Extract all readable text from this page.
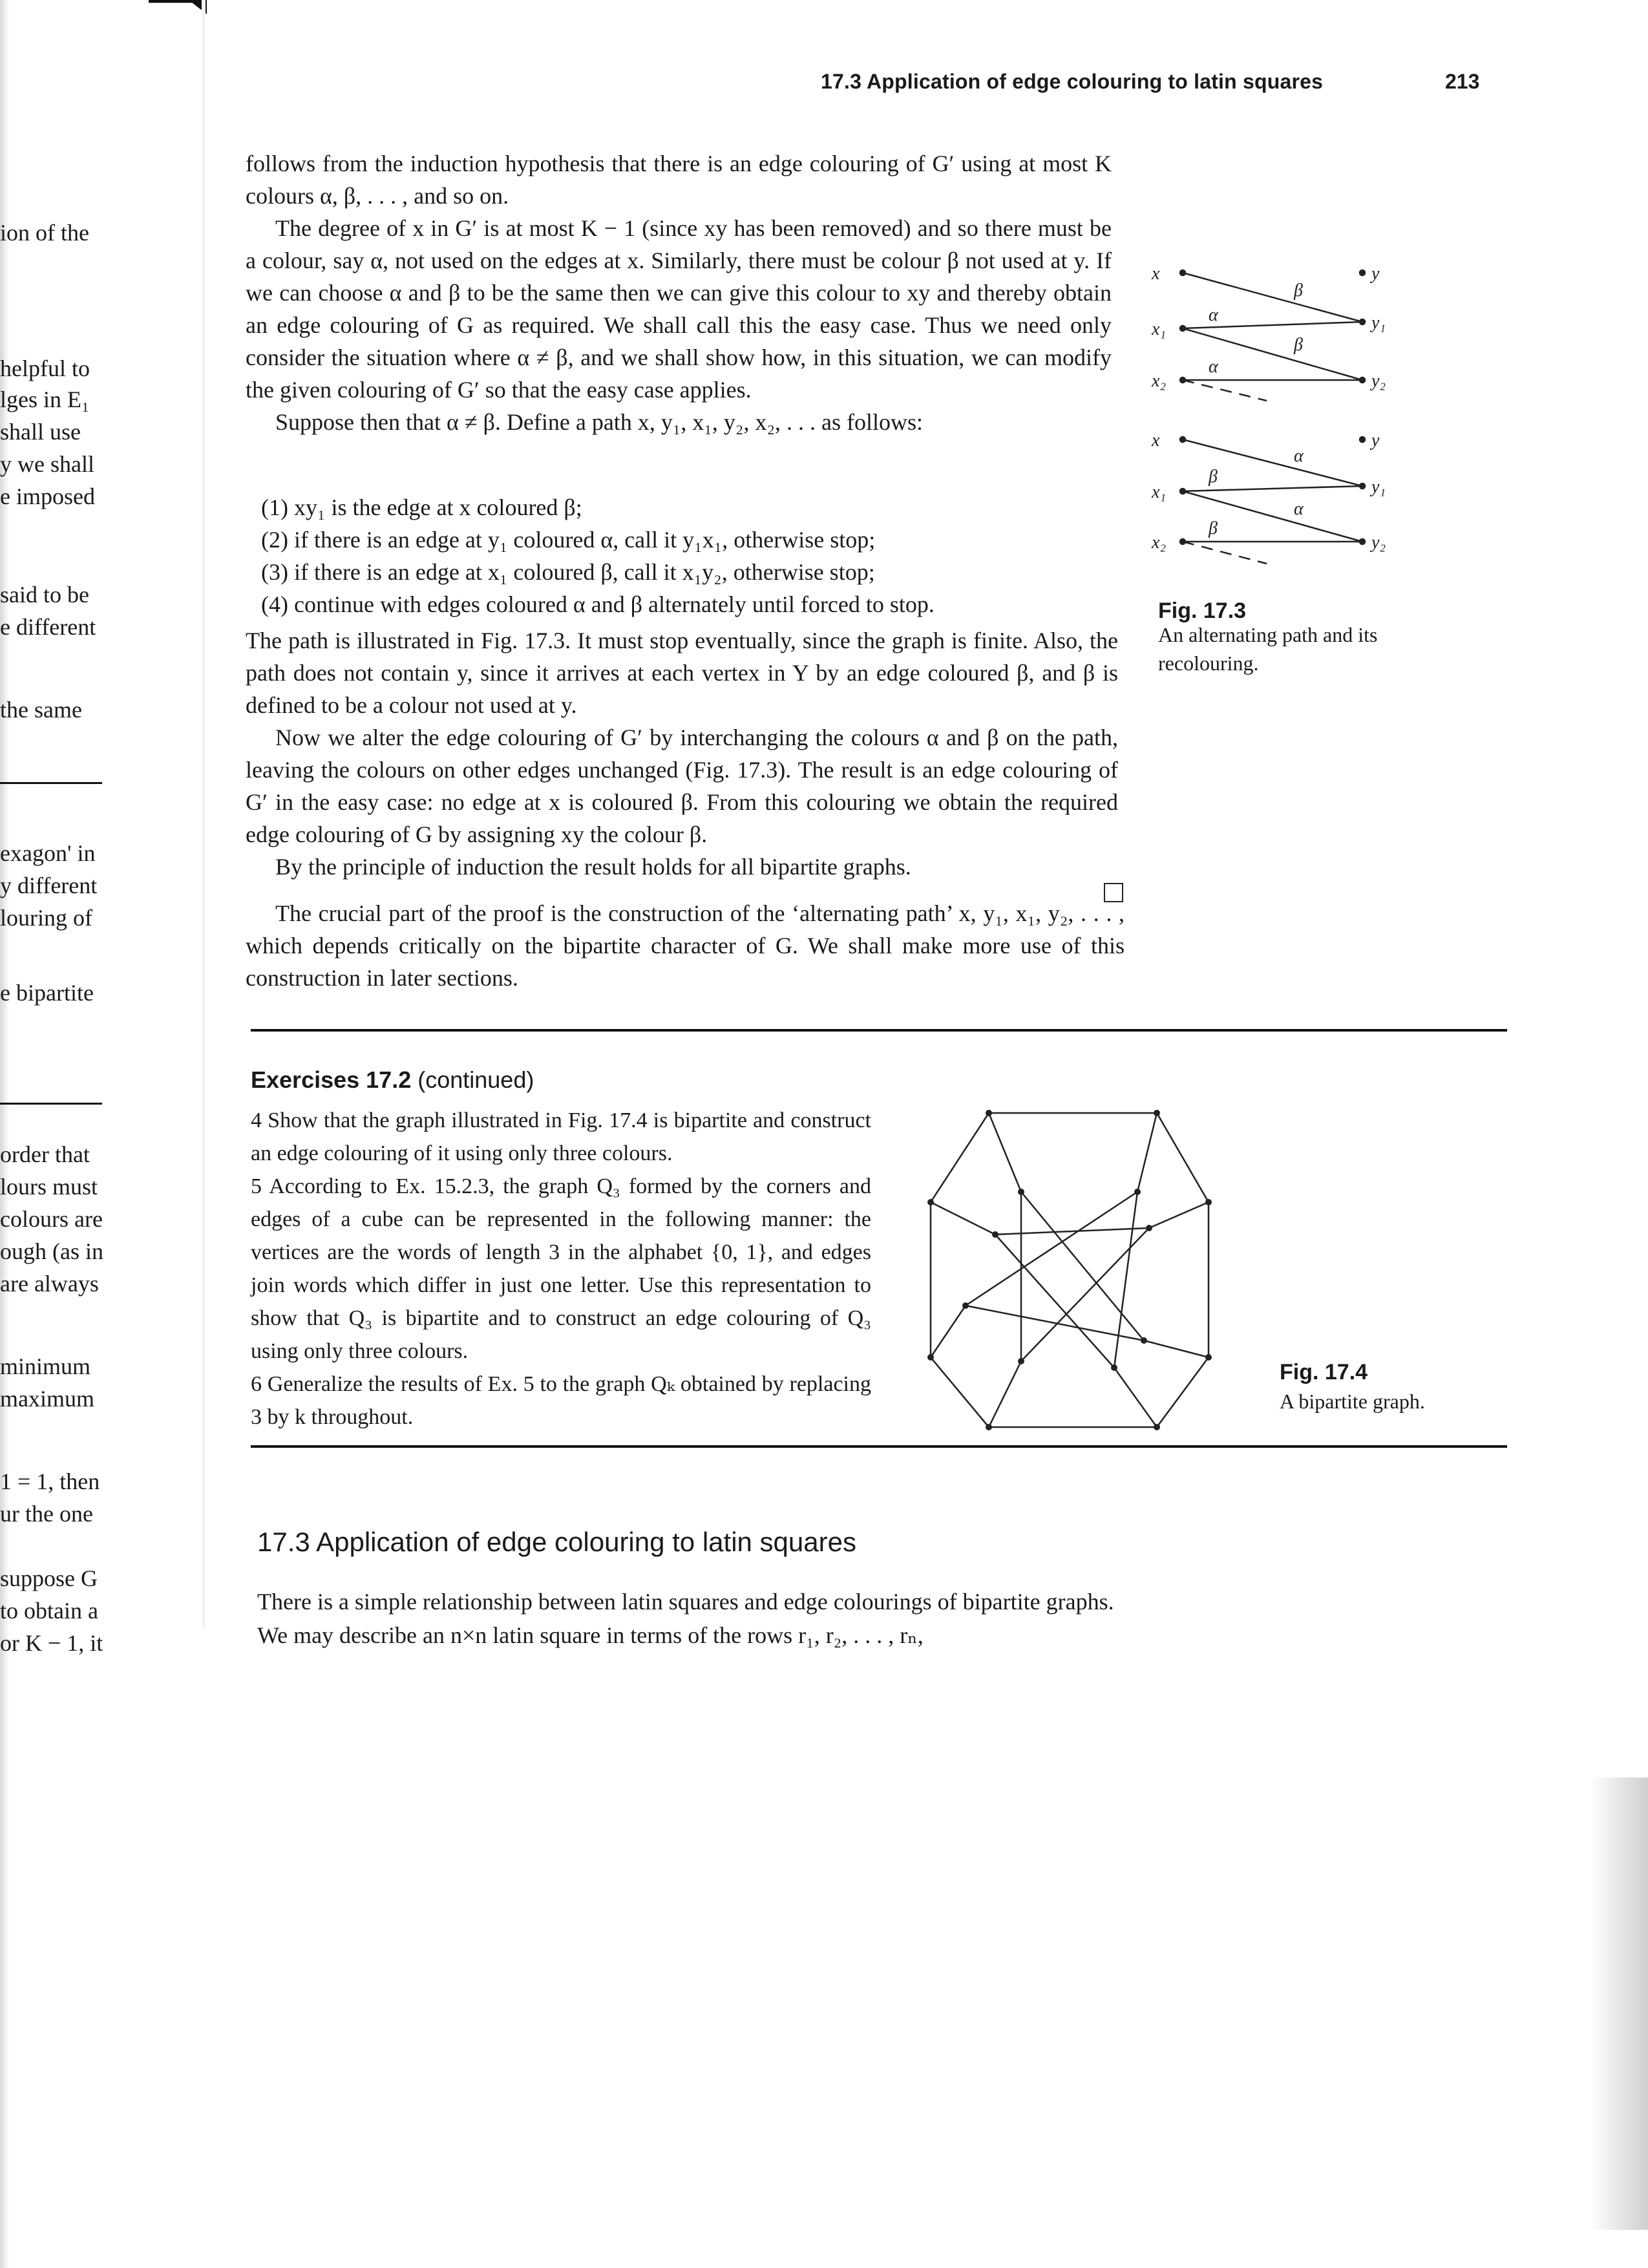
ion of the
helpful to
lges in E₁
shall use
y we shall
e imposed
said to be
e different
the same
exagon' in
y different
louring of
e bipartite
order that
lours must
colours are
ough (as in
are always
minimum
maximum
1 = 1, then
ur the one
suppose G
to obtain a
or K − 1, it
17.3 Application of edge colouring to latin squares	213

follows from the induction hypothesis that there is an edge colouring of G′ using at most K colours α, β, . . . , and so on.

The degree of x in G′ is at most K − 1 (since xy has been removed) and so there must be a colour, say α, not used on the edges at x. Similarly, there must be colour β not used at y. If we can choose α and β to be the same then we can give this colour to xy and thereby obtain an edge colouring of G as required. We shall call this the easy case. Thus we need only consider the situation where α ≠ β, and we shall show how, in this situation, we can modify the given colouring of G′ so that the easy case applies.

Suppose then that α ≠ β. Define a path x, y₁, x₁, y₂, x₂, . . . as follows:

(1) xy₁ is the edge at x coloured β;
(2) if there is an edge at y₁ coloured α, call it y₁x₁, otherwise stop;
(3) if there is an edge at x₁ coloured β, call it x₁y₂, otherwise stop;
(4) continue with edges coloured α and β alternately until forced to stop.

The path is illustrated in Fig. 17.3. It must stop eventually, since the graph is finite. Also, the path does not contain y, since it arrives at each vertex in Y by an edge coloured β, and β is defined to be a colour not used at y.

Now we alter the edge colouring of G′ by interchanging the colours α and β on the path, leaving the colours on other edges unchanged (Fig. 17.3). The result is an edge colouring of G′ in the easy case: no edge at x is coloured β. From this colouring we obtain the required edge colouring of G by assigning xy the colour β.

By the principle of induction the result holds for all bipartite graphs.

The crucial part of the proof is the construction of the ‘alternating path’ x, y₁, x₁, y₂, . . . , which depends critically on the bipartite character of G. We shall make more use of this construction in later sections.

x
x₁
x₂
y
y₁
y₂
β
α
β
α
x
x₁
x₂
y
y₁
y₂
α
β
α
β
Fig. 17.3
An alternating path and its recolouring.
Exercises 17.2 (continued)

4 Show that the graph illustrated in Fig. 17.4 is bipartite and construct an edge colouring of it using only three colours.

5 According to Ex. 15.2.3, the graph Q₃ formed by the corners and edges of a cube can be represented in the following manner: the vertices are the words of length 3 in the alphabet {0, 1}, and edges join words which differ in just one letter. Use this representation to show that Q₃ is bipartite and to construct an edge colouring of Q₃ using only three colours.

6 Generalize the results of Ex. 5 to the graph Qₖ obtained by replacing 3 by k throughout.

Fig. 17.4
A bipartite graph.
17.3 Application of edge colouring to latin squares

There is a simple relationship between latin squares and edge colourings of bipartite graphs. We may describe an n×n latin square in terms of the rows r₁, r₂, . . . , rₙ,
